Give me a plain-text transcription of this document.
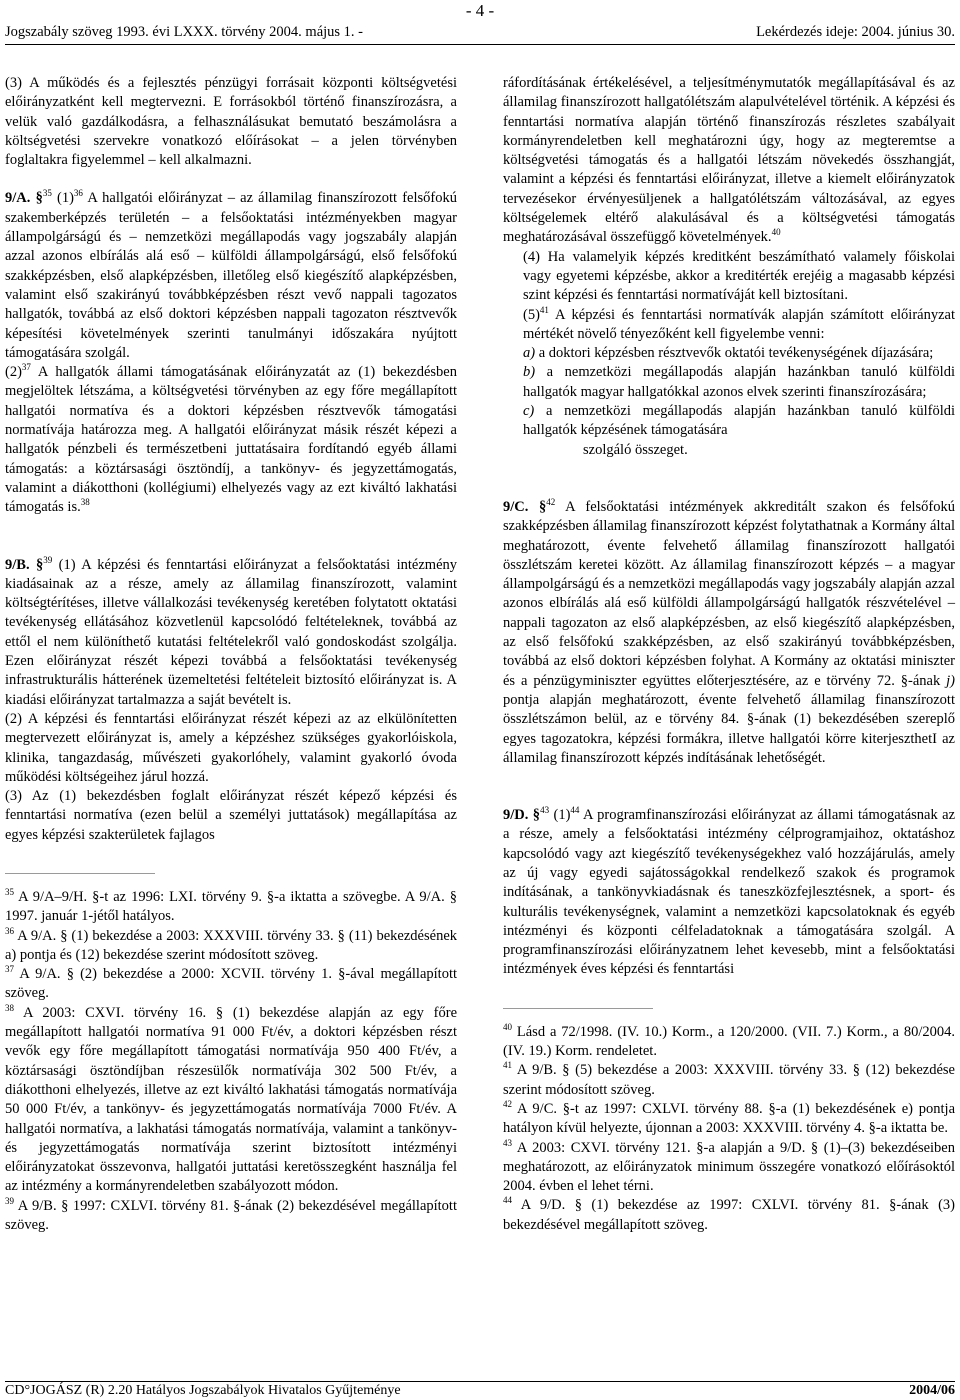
- 4 -
Jogszabály szöveg 1993. évi LXXX. törvény 2004. május 1. -	Lekérdezés ideje: 2004. június 30.

(3) A működés és a fejlesztés pénzügyi forrásait központi költségvetési előirányzatként kell megtervezni. E forrásokból történő finanszírozásra, a velük való gazdálkodásra, a felhasználásukat bemutató beszámolásra a költségvetési szervekre vonatkozó előírásokat – a jelen törvényben foglaltakra figyelemmel – kell alkalmazni.

9/A. §$^{35}$ $(1)^{36}$ A hallgatói előirányzat – az államilag finanszírozott felsőfokú szakemberképzés területén – a felsőoktatási intézményekben magyar állampolgárságú és – nemzetközi megállapodás vagy jogszabály alapján azzal azonos elbírálás alá eső – külföldi állampolgárságú, első felsőfokú szakképzésben, első alapképzésben, illetőleg első kiegészítő alapképzésben, valamint első szakirányú továbbképzésben részt vevő nappali tagozatos hallgatók, továbbá az első doktori képzésben nappali tagozaton résztvevők képesítési követelmények szerinti tanulmányi időszakára nyújtott támogatására szolgál.

$(2)^{37}$ A hallgatók állami támogatásának előirányzatát az (1) bekezdésben megjelöltek létszáma, a költségvetési törvényben az egy főre megállapított hallgatói normatíva és a doktori képzésben résztvevők támogatási normatívája határozza meg. A hallgatói előirányzat másik részét képezi a hallgatók pénzbeli és természetbeni juttatásaira fordítandó egyéb állami támogatás: a köztársasági ösztöndíj, a tankönyv- és jegyzettámogatás, valamint a diákotthoni (kollégiumi) elhelyezés vagy az ezt kiváltó lakhatási támogatás is.$^{38}$

9/B. §$^{39}$ (1) A képzési és fenntartási előirányzat a felsőoktatási intézmény kiadásainak az a része, amely az államilag finanszírozott, valamint költségtérítéses, illetve vállalkozási tevékenység keretében folytatott oktatási tevékenység ellátásához közvetlenül kapcsolódó feltételeknek, továbbá az ettől el nem különíthető kutatási feltételekről való gondoskodást szolgálja. Ezen előirányzat részét képezi továbbá a felsőoktatási tevékenység infrastrukturális hátterének üzemeltetési feltételeit biztosító előirányzat is. A kiadási előirányzat tartalmazza a saját bevételt is.

(2) A képzési és fenntartási előirányzat részét képezi az az elkülönítetten megtervezett előirányzat is, amely a képzéshez szükséges gyakorlóiskola, klinika, tangazdaság, művészeti gyakorlóhely, valamint gyakorló óvoda működési költségeihez járul hozzá.

(3) Az (1) bekezdésben foglalt előirányzat részét képező képzési és fenntartási normatíva (ezen belül a személyi juttatások) megállapítása az egyes képzési szakterületek fajlagos

$^{35}$ A 9/A–9/H. §-t az 1996: LXI. törvény 9. §-a iktatta a szövegbe. A 9/A. § 1997. január 1-jétől hatályos.

$^{36}$ A 9/A. § (1) bekezdése a 2003: XXXVIII. törvény 33. § (11) bekezdésének a) pontja és (12) bekezdése szerint módosított szöveg.

$^{37}$ A 9/A. § (2) bekezdése a 2000: XCVII. törvény 1. §-ával megállapított szöveg.

$^{38}$ A 2003: CXVI. törvény 16. § (1) bekezdése alapján az egy főre megállapított hallgatói normatíva 91 000 Ft/év, a doktori képzésben részt vevők egy főre megállapított támogatási normatívája 950 400 Ft/év, a köztársasági ösztöndíjban részesülők normatívája 302 500 Ft/év, a diákotthoni elhelyezés, illetve az ezt kiváltó lakhatási támogatás normatívája 50 000 Ft/év, a tankönyv- és jegyzettámogatás normatívája 7000 Ft/év. A hallgatói normatíva, a lakhatási támogatás normatívája, valamint a tankönyv- és jegyzettámogatás normatívája szerint biztosított intézményi előirányzatokat összevonva, hallgatói juttatási keretösszegként használja fel az intézmény a kormányrendeletben szabályozott módon.

$^{39}$ A 9/B. § 1997: CXLVI. törvény 81. §-ának (2) bekezdésével megállapított szöveg.

ráfordításának értékelésével, a teljesítménymutatók megállapításával és az államilag finanszírozott hallgatólétszám alapulvételével történik. A képzési és fenntartási normatíva alapján történő finanszírozás részletes szabályait kormányrendeletben kell meghatározni úgy, hogy az megteremtse a költségvetési támogatás és a hallgatói létszám növekedés összhangját, valamint a képzési és fenntartási előirányzat, illetve a kiemelt előirányzatok tervezésekor érvényesüljenek a hallgatólétszám változásával, az egyes költségelemek eltérő alakulásával és a költségvetési támogatás meghatározásával összefüggő követelmények.$^{40}$

(4) Ha valamelyik képzés kreditként beszámítható valamely főiskolai vagy egyetemi képzésbe, akkor a kreditérték erejéig a magasabb képzési szint képzési és fenntartási normatíváját kell biztosítani.

$(5)^{41}$ A képzési és fenntartási normatívák alapján számított előirányzat mértékét növelő tényezőként kell figyelembe venni:

a) a doktori képzésben résztvevők oktatói tevékenységének díjazására;

b) a nemzetközi megállapodás alapján hazánkban tanuló külföldi hallgatók magyar hallgatókkal azonos elvek szerinti finanszírozására;

c) a nemzetközi megállapodás alapján hazánkban tanuló külföldi hallgatók képzésének támogatására

szolgáló összeget.

9/C. §$^{42}$ A felsőoktatási intézmények akkreditált szakon és felsőfokú szakképzésben államilag finanszírozott képzést folytathatnak a Kormány által meghatározott, évente felvehető államilag finanszírozott hallgatói összlétszám keretei között. Az államilag finanszírozott képzés – a magyar állampolgárságú és a nemzetközi megállapodás vagy jogszabály alapján azzal azonos elbírálás alá eső külföldi állampolgárságú hallgatók részvételével – nappali tagozaton az első alapképzésben, az első kiegészítő alapképzésben, az első felsőfokú szakképzésben, az első szakirányú továbbképzésben, továbbá az első doktori képzésben folyhat. A Kormány az oktatási miniszter és a pénzügyminiszter együttes előterjesztésére, az e törvény 72. §-ának j) pontja alapján meghatározott, évente felvehető államilag finanszírozott összlétszámon belül, az e törvény 84. §-ának (1) bekezdésében szereplő egyes tagozatokra, képzési formákra, illetve hallgatói körre kiterjeszthetI az államilag finanszírozott képzés indításának lehetőségét.

9/D. §$^{43}$ $(1)^{44}$ A programfinanszírozási előirányzat az állami támogatásnak az a része, amely a felsőoktatási intézmény célprogramjaihoz, oktatáshoz kapcsolódó vagy azt kiegészítő tevékenységekhez való hozzájárulás, amely az új vagy egyedi sajátosságokkal rendelkező szakok és programok indításának, a tankönyvkiadásnak és taneszközfejlesztésnek, a sport- és kulturális tevékenységnek, valamint a nemzetközi kapcsolatoknak és egyéb intézményi és központi célfeladatoknak a támogatására szolgál. A programfinanszírozási előirányzatnem lehet kevesebb, mint a felsőoktatási intézmények éves képzési és fenntartási

$^{40}$ Lásd a 72/1998. (IV. 10.) Korm., a 120/2000. (VII. 7.) Korm., a 80/2004. (IV. 19.) Korm. rendeletet.

$^{41}$ A 9/B. § (5) bekezdése a 2003: XXXVIII. törvény 33. § (12) bekezdése szerint módosított szöveg.

$^{42}$ A 9/C. §-t az 1997: CXLVI. törvény 88. §-a (1) bekezdésének e) pontja hatályon kívül helyezte, újonnan a 2003: XXXVIII. törvény 4. §-a iktatta be.

$^{43}$ A 2003: CXVI. törvény 121. §-a alapján a 9/D. § (1)–(3) bekezdéseiben meghatározott, az előirányzatok minimum összegére vonatkozó előírásoktól 2004. évben el lehet térni.

$^{44}$ A 9/D. § (1) bekezdése az 1997: CXLVI. törvény 81. §-ának (3) bekezdésével megállapított szöveg.

CD°JOGÁSZ (R) 2.20 Hatályos Jogszabályok Hivatalos Gyűjteménye	2004/06
